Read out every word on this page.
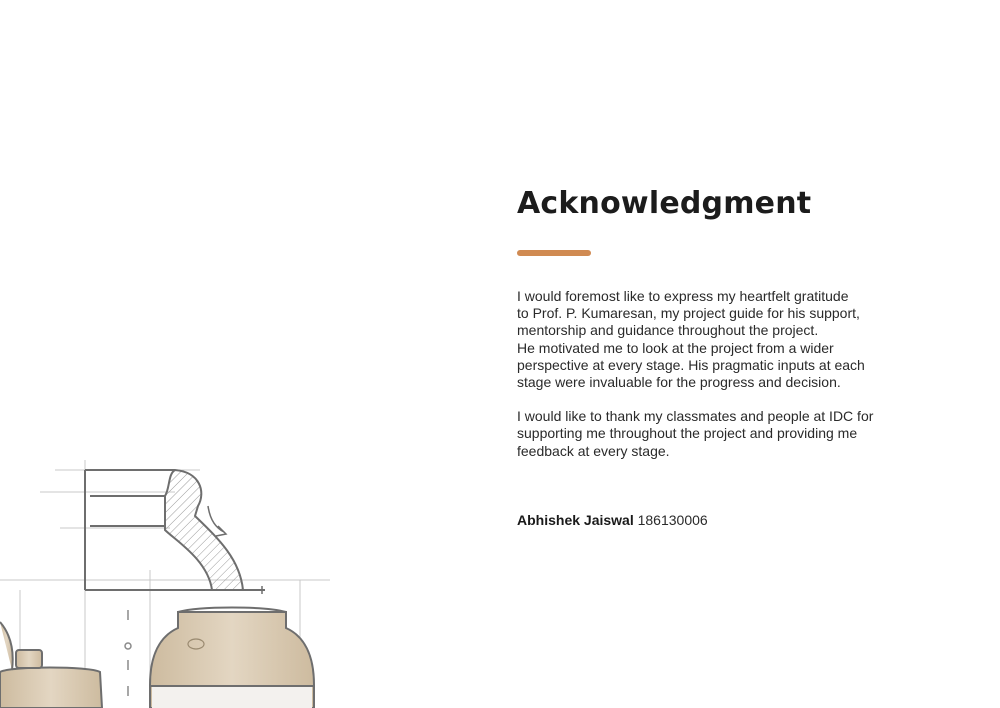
Acknowledgment

I would foremost like to express my heartfelt gratitude
to Prof. P. Kumaresan, my project guide for his support,
mentorship and guidance throughout the project.
He motivated me to look at the project from a wider
perspective at every stage. His pragmatic inputs at each
stage were invaluable for the progress and decision.

I would like to thank my classmates and people at IDC for
supporting me throughout the project and providing me
feedback at every stage.

Abhishek Jaiswal 186130006
